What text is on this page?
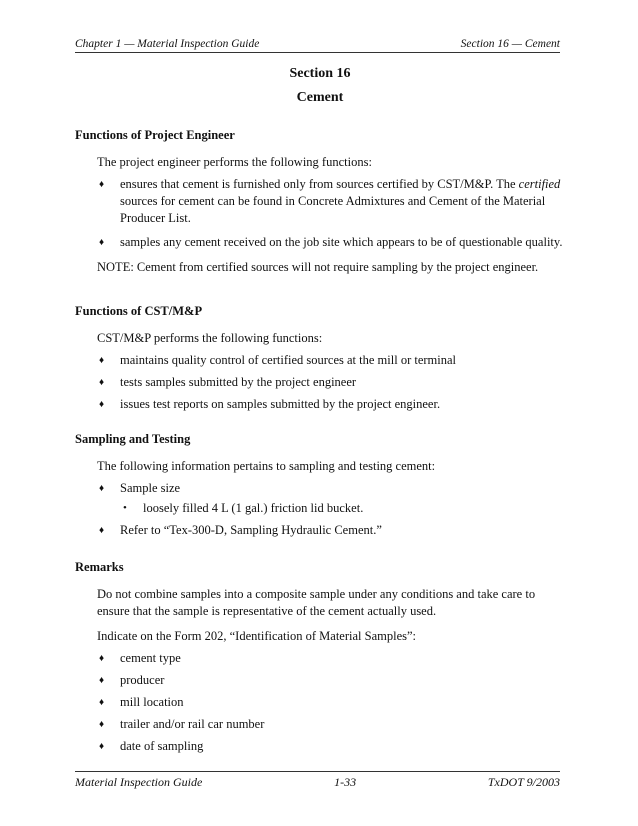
Chapter 1 — Material Inspection Guide	Section 16 — Cement
Section 16
Cement
Functions of Project Engineer

The project engineer performs the following functions:

♦ ensures that cement is furnished only from sources certified by CST/M&P. The certified sources for cement can be found in Concrete Admixtures and Cement of the Material Producer List.
♦ samples any cement received on the job site which appears to be of questionable quality.

NOTE: Cement from certified sources will not require sampling by the project engineer.

Functions of CST/M&P

CST/M&P performs the following functions:

♦ maintains quality control of certified sources at the mill or terminal
♦ tests samples submitted by the project engineer
♦ issues test reports on samples submitted by the project engineer.
Sampling and Testing

The following information pertains to sampling and testing cement:

♦ Sample size
• loosely filled 4 L (1 gal.) friction lid bucket.
♦ Refer to “Tex-300-D, Sampling Hydraulic Cement.”
Remarks

Do not combine samples into a composite sample under any conditions and take care to ensure that the sample is representative of the cement actually used.

Indicate on the Form 202, “Identification of Material Samples”:

♦ cement type
♦ producer
♦ mill location
♦ trailer and/or rail car number
♦ date of sampling
Material Inspection Guide	1-33	TxDOT 9/2003
